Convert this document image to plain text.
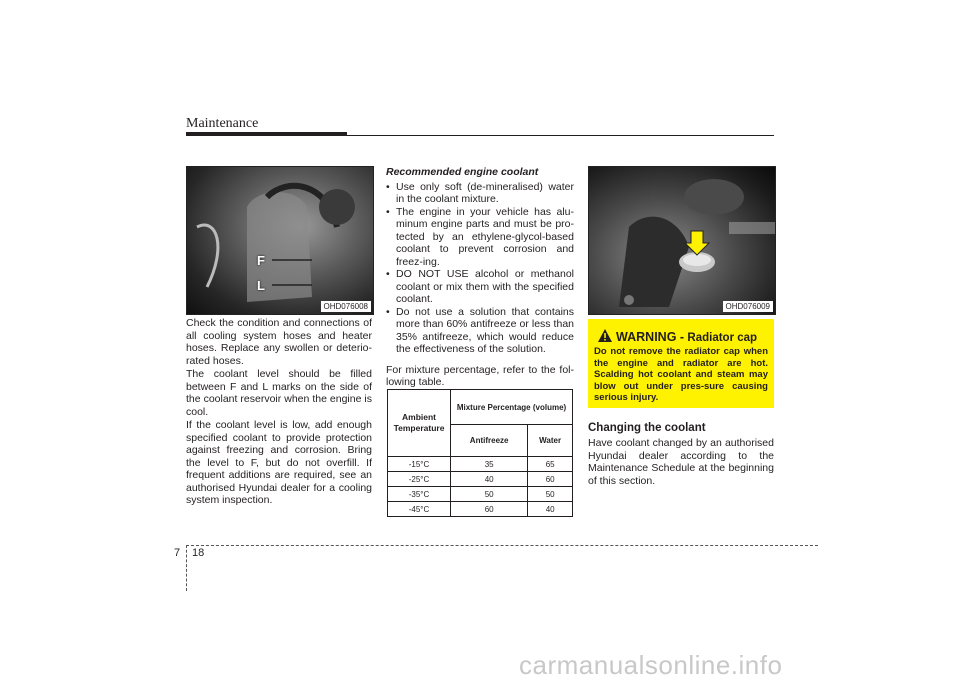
Maintenance
F
L
OHD076008

Check the condition and connections of all cooling system hoses and heater hoses. Replace any swollen or deterio-rated hoses.

The coolant level should be filled between F and L marks on the side of the coolant reservoir when the engine is cool.

If the coolant level is low, add enough specified coolant to provide protection against freezing and corrosion. Bring the level to F, but do not overfill. If frequent additions are required, see an authorised Hyundai dealer for a cooling system inspection.

Recommended engine coolant
• Use only soft (de-mineralised) water in the coolant mixture.
• The engine in your vehicle has alu-minum engine parts and must be pro-tected by an ethylene-glycol-based coolant to prevent corrosion and freez-ing.
• DO NOT USE alcohol or methanol coolant or mix them with the specified coolant.
• Do not use a solution that contains more than 60% antifreeze or less than 35% antifreeze, which would reduce the effectiveness of the solution.

For mixture percentage, refer to the fol-lowing table.

Ambient Temperature	Mixture Percentage (volume)	
	Antifreeze	Water
-15°C	35	65
-25°C	40	60
-35°C	50	50
-45°C	60	40
OHD076009
WARNING - Radiator cap
Do not remove the radiator cap when the engine and radiator are hot. Scalding hot coolant and steam may blow out under pres-sure causing serious injury.
Changing the coolant
Have coolant changed by an authorised Hyundai dealer according to the Maintenance Schedule at the beginning of this section.
7 18
carmanualsonline.info
